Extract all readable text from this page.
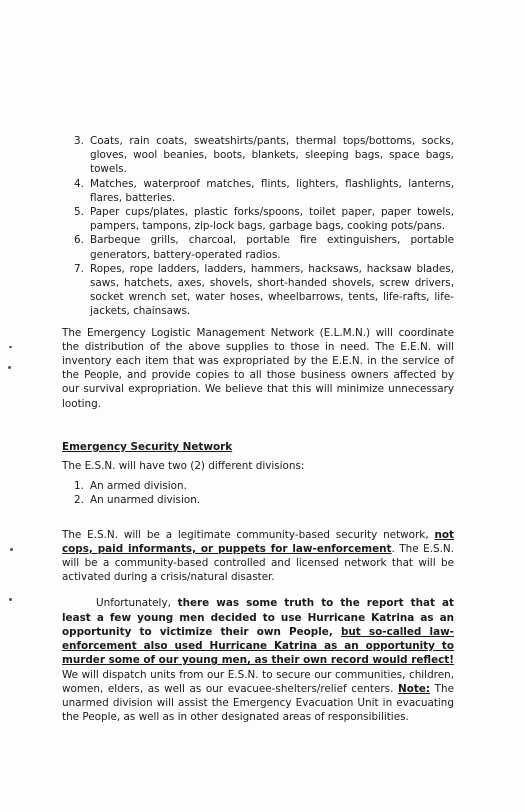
3. Coats, rain coats, sweatshirts/pants, thermal tops/bottoms, socks, gloves, wool beanies, boots, blankets, sleeping bags, space bags, towels.
4. Matches, waterproof matches, flints, lighters, flashlights, lanterns, flares, batteries.
5. Paper cups/plates, plastic forks/spoons, toilet paper, paper towels, pampers, tampons, zip-lock bags, garbage bags, cooking pots/pans.
6. Barbeque grills, charcoal, portable fire extinguishers, portable generators, battery-operated radios.
7. Ropes, rope ladders, ladders, hammers, hacksaws, hacksaw blades, saws, hatchets, axes, shovels, short-handed shovels, screw drivers, socket wrench set, water hoses, wheelbarrows, tents, life-rafts, life-jackets, chainsaws.

The Emergency Logistic Management Network (E.L.M.N.) will coordinate the distribution of the above supplies to those in need. The E.E.N. will inventory each item that was expropriated by the E.E.N. in the service of the People, and provide copies to all those business owners affected by our survival expropriation. We believe that this will minimize unnecessary looting.

Emergency Security Network

The E.S.N. will have two (2) different divisions:

1. An armed division.
2. An unarmed division.

The E.S.N. will be a legitimate community-based security network, not cops, paid informants, or puppets for law-enforcement. The E.S.N. will be a community-based controlled and licensed network that will be activated during a crisis/natural disaster.

Unfortunately, there was some truth to the report that at least a few young men decided to use Hurricane Katrina as an opportunity to victimize their own People, but so-called law-enforcement also used Hurricane Katrina as an opportunity to murder some of our young men, as their own record would reflect! We will dispatch units from our E.S.N. to secure our communities, children, women, elders, as well as our evacuee-shelters/relief centers. Note: The unarmed division will assist the Emergency Evacuation Unit in evacuating the People, as well as in other designated areas of responsibilities.
